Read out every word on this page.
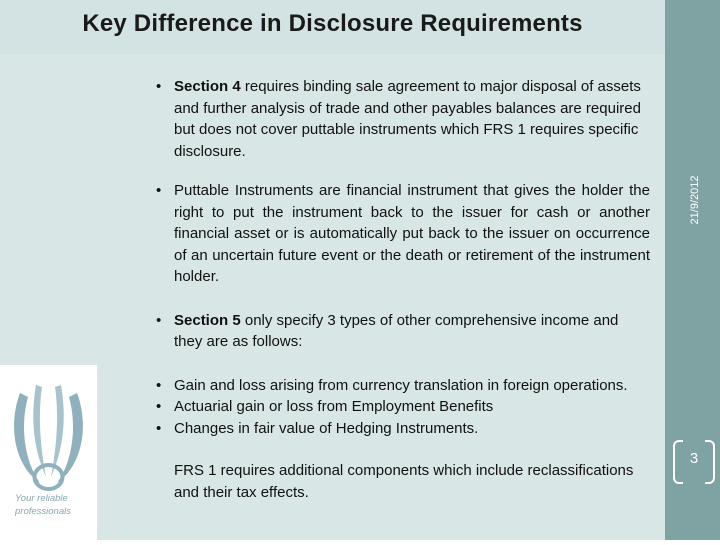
Key Difference in Disclosure Requirements
21/9/2012
3
Your reliable professionals
• Section 4 requires binding sale agreement to major disposal of assets and further analysis of trade and other payables balances are required but does not cover puttable instruments which FRS 1 requires specific disclosure.
• Puttable Instruments are financial instrument that gives the holder the right to put the instrument back to the issuer for cash or another financial asset or is automatically put back to the issuer on occurrence of an uncertain future event or the death or retirement of the instrument holder.
• Section 5 only specify 3 types of other comprehensive income and they are as follows:
• Gain and loss arising from currency translation in foreign operations.
• Actuarial gain or loss from Employment Benefits
• Changes in fair value of Hedging Instruments.
FRS 1 requires additional components which include reclassifications and their tax effects.
